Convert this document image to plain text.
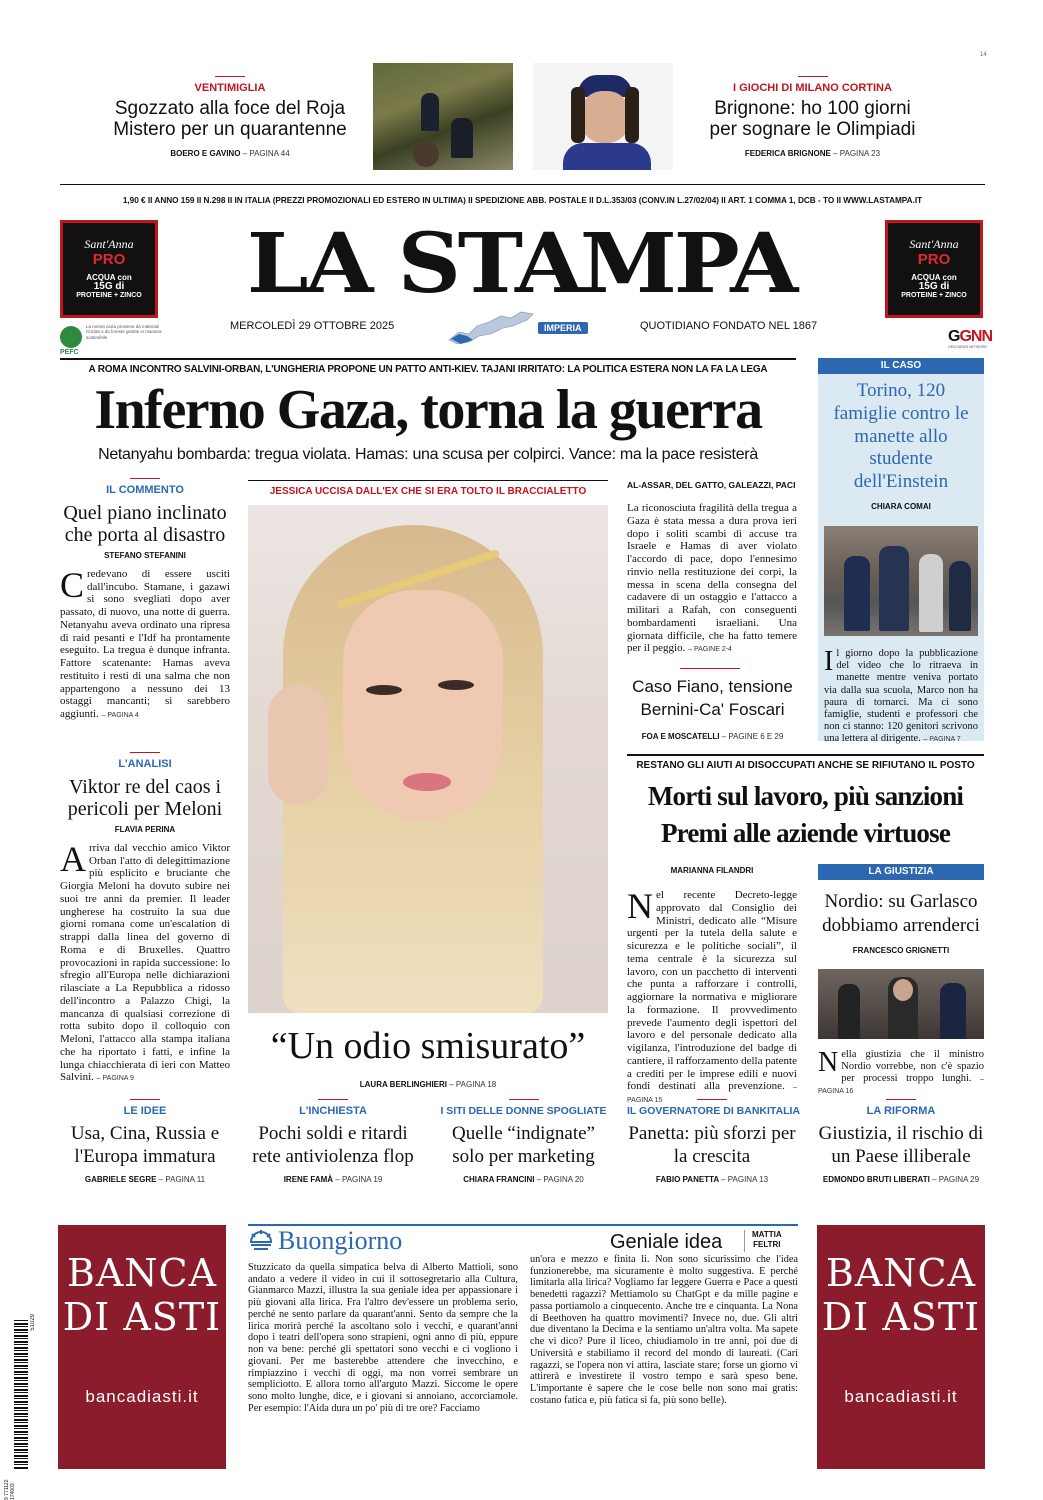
14
VENTIMIGLIA
Sgozzato alla foce del Roja
Mistero per un quarantenne
BOERO E GAVINO – PAGINA 44
I GIOCHI DI MILANO CORTINA
Brignone: ho 100 giorni
per sognare le Olimpiadi
FEDERICA BRIGNONE – PAGINA 23
1,90 € II ANNO 159 II N.298 II IN ITALIA (PREZZI PROMOZIONALI ED ESTERO IN ULTIMA) II SPEDIZIONE ABB. POSTALE II D.L.353/03 (CONV.IN L.27/02/04) II ART. 1 COMMA 1, DCB - TO II WWW.LASTAMPA.IT
Sant'Anna
PRO
ACQUA con
15G di
PROTEINE + ZINCO
Sant'Anna
PRO
ACQUA con
15G di
PROTEINE + ZINCO
LA STAMPA
MERCOLEDÌ 29 OTTOBRE 2025	IMPERIA	QUOTIDIANO FONDATO NEL 1867
PEFC
La nostra carta proviene da materiali riciclati o da foreste gestite in maniera sostenibile	GGNN
GEDI NEWS NETWORK
A ROMA INCONTRO SALVINI-ORBAN, L'UNGHERIA PROPONE UN PATTO ANTI-KIEV. TAJANI IRRITATO: LA POLITICA ESTERA NON LA FA LA LEGA
Inferno Gaza, torna la guerra
Netanyahu bombarda: tregua violata. Hamas: una scusa per colpirci. Vance: ma la pace resisterà
IL CASO
Torino, 120 famiglie contro le manette allo studente dell'Einstein
CHIARA COMAI
Il giorno dopo la pubblicazione del video che lo ritraeva in manette mentre veniva portato via dalla sua scuola, Marco non ha paura di tornarci. Ma ci sono famiglie, studenti e professori che non ci stanno: 120 genitori scrivono una lettera al dirigente. – PAGINA 7
IL COMMENTO
Quel piano inclinato che porta al disastro
STEFANO STEFANINI
Credevano di essere usciti dall'incubo. Stamane, i gazawi si sono svegliati dopo aver passato, di nuovo, una notte di guerra. Netanyahu aveva ordinato una ripresa di raid pesanti e l'Idf ha prontamente eseguito. La tregua è dunque infranta. Fattore scatenante: Hamas aveva restituito i resti di una salma che non appartengono a nessuno dei 13 ostaggi mancanti; si sarebbero aggiunti. – PAGINA 4
L'ANALISI
Viktor re del caos i pericoli per Meloni
FLAVIA PERINA
Arriva dal vecchio amico Viktor Orban l'atto di delegittimazione più esplicito e bruciante che Giorgia Meloni ha dovuto subire nei suoi tre anni da premier. Il leader ungherese ha costruito la sua due giorni romana come un'escalation di strappi dalla linea del governo di Roma e di Bruxelles. Quattro provocazioni in rapida successione: lo sfregio all'Europa nelle dichiarazioni rilasciate a La Repubblica a ridosso dell'incontro a Palazzo Chigi, la mancanza di qualsiasi correzione di rotta subito dopo il colloquio con Meloni, l'attacco alla stampa italiana che ha riportato i fatti, e infine la lunga chiacchierata di ieri con Matteo Salvini. – PAGINA 9
JESSICA UCCISA DALL'EX CHE SI ERA TOLTO IL BRACCIALETTO
“Un odio smisurato”
LAURA BERLINGHIERI – PAGINA 18
AL-ASSAR, DEL GATTO, GALEAZZI, PACI
La riconosciuta fragilità della tregua a Gaza è stata messa a dura prova ieri dopo i soliti scambi di accuse tra Israele e Hamas di aver violato l'accordo di pace, dopo l'ennesimo rinvio nella restituzione dei corpi, la messa in scena della consegna del cadavere di un ostaggio e l'attacco a militari a Rafah, con conseguenti bombardamenti israeliani. Una giornata difficile, che ha fatto temere per il peggio. – PAGINE 2-4
Caso Fiano, tensione Bernini-Ca' Foscari
FOA E MOSCATELLI – PAGINE 6 E 29
RESTANO GLI AIUTI AI DISOCCUPATI ANCHE SE RIFIUTANO IL POSTO
Morti sul lavoro, più sanzioni
Premi alle aziende virtuose
MARIANNA FILANDRI
Nel recente Decreto-legge approvato dal Consiglio dei Ministri, dedicato alle “Misure urgenti per la tutela della salute e sicurezza e le politiche sociali”, il tema centrale è la sicurezza sul lavoro, con un pacchetto di interventi che punta a rafforzare i controlli, aggiornare la normativa e migliorare la formazione. Il provvedimento prevede l'aumento degli ispettori del lavoro e del personale dedicato alla vigilanza, l'introduzione del badge di cantiere, il rafforzamento della patente a crediti per le imprese edili e nuovi fondi destinati alla prevenzione. – PAGINA 15
LA GIUSTIZIA
Nordio: su Garlasco dobbiamo arrenderci
FRANCESCO GRIGNETTI
Nella giustizia che il ministro Nordio vorrebbe, non c'è spazio per processi troppo lunghi. – PAGINA 16
LE IDEE
Usa, Cina, Russia e l'Europa immatura
GABRIELE SEGRE – PAGINA 11
L'INCHIESTA
Pochi soldi e ritardi rete antiviolenza flop
IRENE FAMÀ – PAGINA 19
I SITI DELLE DONNE SPOGLIATE
Quelle “indignate” solo per marketing
CHIARA FRANCINI – PAGINA 20
IL GOVERNATORE DI BANKITALIA
Panetta: più sforzi per la crescita
FABIO PANETTA – PAGINA 13
LA RIFORMA
Giustizia, il rischio di un Paese illiberale
EDMONDO BRUTI LIBERATI – PAGINA 29
9 771122 174003
51029
BANCA
DI ASTI
bancadiasti.it
BANCA
DI ASTI
bancadiasti.it
Buongiorno	Geniale idea	MATTIA
FELTRI
Stuzzicato da quella simpatica belva di Alberto Mattioli, sono andato a vedere il video in cui il sottosegretario alla Cultura, Gianmarco Mazzi, illustra la sua geniale idea per appassionare i più giovani alla lirica. Fra l'altro dev'essere un problema serio, perché ne sento parlare da quarant'anni. Sento da sempre che la lirica morirà perché la ascoltano solo i vecchi, e quarant'anni dopo i teatri dell'opera sono strapieni, ogni anno di più, eppure non va bene: perché gli spettatori sono vecchi e ci vogliono i giovani. Per me basterebbe attendere che invecchino, e rimpiazzino i vecchi di oggi, ma non vorrei sembrare un sempliciotto. E allora torno all'arguto Mazzi. Siccome le opere sono molto lunghe, dice, e i giovani si annoiano, accorciamole. Per esempio: l'Aida dura un po' più di tre ore? Facciamo
un'ora e mezzo e finita lì. Non sono sicurissimo che l'idea funzionerebbe, ma sicuramente è molto suggestiva. E perché limitarla alla lirica? Vogliamo far leggere Guerra e Pace a questi benedetti ragazzi? Mettiamolo su ChatGpt e da mille pagine e passa portiamolo a cinquecento. Anche tre e cinquanta. La Nona di Beethoven ha quattro movimenti? Invece no, due. Gli altri due diventano la Decima e la sentiamo un'altra volta. Ma sapete che vi dico? Pure il liceo, chiudiamolo in tre anni, poi due di Università e stabiliamo il record del mondo di laureati. (Cari ragazzi, se l'opera non vi attira, lasciate stare; forse un giorno vi attirerà e investirete il vostro tempo e sarà speso bene. L'importante è sapere che le cose belle non sono mai gratis: costano fatica e, più fatica si fa, più sono belle).
